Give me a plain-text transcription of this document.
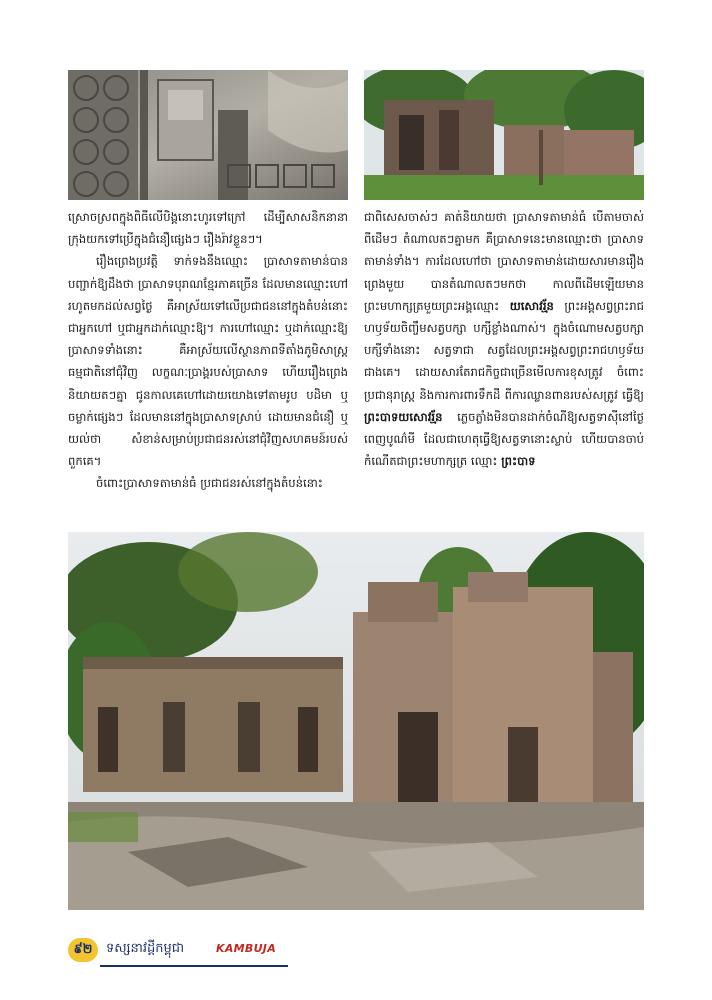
ស្រោចស្រពក្នុងពិធីលើបិង្គនោះហូរទៅក្រៅ ដើម្បីសាសនិកនានាក្រុងយកទៅប្រើក្នុងជំនឿផ្សេងៗ រឿងរ៉ាវខ្លួនៗ។

រឿងព្រេងប្រវត្តិ ទាក់ទងនឹងឈ្មោះ ប្រាសាទតាមាន់បានបញ្ជាក់ឱ្យដឹងថា ប្រាសាទបុរាណខ្មែរភាគច្រើន ដែលមានឈ្មោះហៅរហូតមកដល់សព្វថ្ងៃ គឺអាស្រ័យទៅលើប្រជាជននៅក្នុងតំបន់នោះជាអ្នកហៅ ឬជាអ្នកដាក់ឈ្មោះឱ្យ។ ការហៅឈ្មោះ ឬដាក់ឈ្មោះឱ្យប្រាសាទទាំងនោះ គឺអាស្រ័យលើស្ថានភាពទីតាំងភូមិសាស្ត្រ ធម្មជាតិនៅជុំវិញ លក្ខណៈប្រាង្គរបស់ប្រាសាទ ហើយរឿងព្រេងនិយាយតៗគ្នា ជូនកាលគេហៅដោយយោងទៅតាមរូប បដិមា ឬចម្លាក់ផ្សេងៗ ដែលមាននៅក្នុងប្រាសាទស្រាប់ ដោយមានជំនឿ ឬយល់ថា សំខាន់សម្រាប់ប្រជាជនរស់នៅជុំវិញសហគមន៍របស់ពួកគេ។

ចំពោះប្រាសាទតាមាន់ធំ ប្រជាជនរស់នៅក្នុងតំបន់នោះ

ជាពិសេសចាស់ៗ គាត់និយាយថា ប្រាសាទតាមាន់ធំ បើតាមចាស់ពីដើមៗ តំណាលតៗគ្នាមក គឺប្រាសាទនេះមានឈ្មោះថា ប្រាសាទតាមាន់ទាំង។ ការដែលហៅថា ប្រាសាទតាមាន់ដោយសារមានរឿងព្រេងមួយ បានតំណាលតៗមកថា កាលពីដើមឡើយមានព្រះមហាក្សត្រមួយព្រះអង្គឈ្មោះ យសោវរ្ម័ន ព្រះអង្គសព្វព្រះរាជហឫទ័យចិញ្ចឹមសត្វបក្សា បក្សីខ្លាំងណាស់។ ក្នុងចំណោមសត្វបក្សាបក្សីទាំងនោះ សត្វទាជា សត្វដែលព្រះអង្គសព្វព្រះរាជហឫទ័យជាងគេ។ ដោយសារតែរាជកិច្ចជាច្រើនមើលការខុសត្រូវ ចំពោះប្រជានុរាស្ត្រ និងការការពារទឹកដី ពីការឈ្លានពានរបស់សត្រូវ ធ្វើឱ្យ ព្រះបាទយសោវរ្ម័ន ភ្លេចភ្លាំងមិនបានដាក់ចំណីឱ្យសត្វទាស៊ីនៅថ្ងៃពេញបូណ៌មី ដែលជាហេតុធ្វើឱ្យសត្វទានោះស្លាប់ ហើយបានចាប់កំណើតជាព្រះមហាក្សត្រ ឈ្មោះ ព្រះបាទ

៩២	ទស្សនាវដ្តីកម្ពុជា	KAMBUJA
